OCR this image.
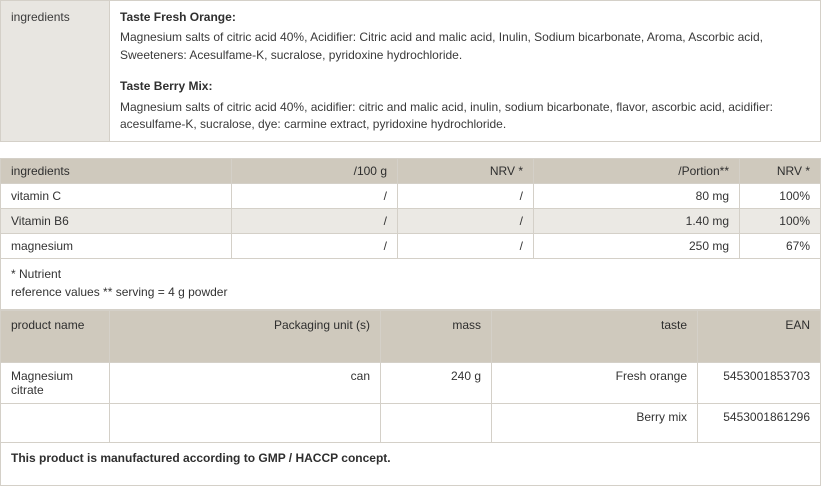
ingredients	Taste Fresh Orange:

Magnesium salts of citric acid 40%, Acidifier: Citric acid and malic acid, Inulin, Sodium bicarbonate, Aroma, Ascorbic acid, Sweeteners: Acesulfame-K, sucralose, pyridoxine hydrochloride.

Taste Berry Mix:

Magnesium salts of citric acid 40%, acidifier: citric and malic acid, inulin, sodium bicarbonate, flavor, ascorbic acid, acidifier: acesulfame-K, sucralose, dye: carmine extract, pyridoxine hydrochloride.

ingredients	/100 g	NRV *	/Portion**	NRV *
vitamin C	/	/	80 mg	100%
Vitamin B6	/	/	1.40 mg	100%
magnesium	/	/	250 mg	67%

* Nutrient
reference values ** serving = 4 g powder				
product name	Packaging unit (s)	mass	taste	EAN
Magnesium citrate	can	240 g	Fresh orange	5453001853703
			Berry mix	5453001861296
This product is manufactured according to GMP / HACCP concept.				
